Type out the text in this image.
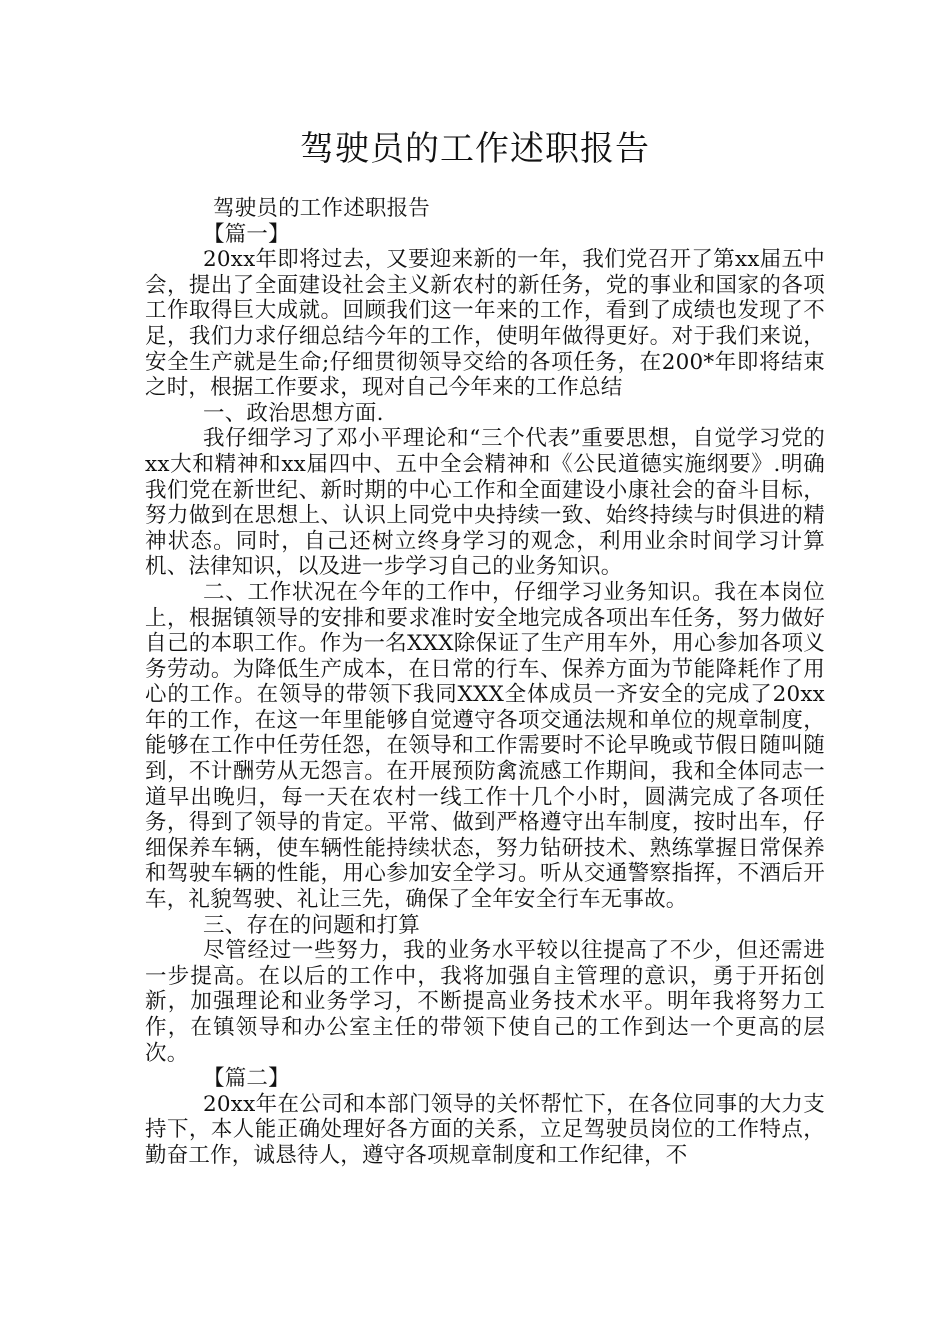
驾驶员的工作述职报告

驾驶员的工作述职报告

【篇一】

20xx年即将过去，又要迎来新的一年，我们党召开了第xx届五中会，提出了全面建设社会主义新农村的新任务，党的事业和国家的各项工作取得巨大成就。回顾我们这一年来的工作，看到了成绩也发现了不足，我们力求仔细总结今年的工作，使明年做得更好。对于我们来说，安全生产就是生命;仔细贯彻领导交给的各项任务，在200*年即将结束之时，根据工作要求，现对自己今年来的工作总结

一、政治思想方面.

我仔细学习了邓小平理论和“三个代表”重要思想，自觉学习党的xx大和精神和xx届四中、五中全会精神和《公民道德实施纲要》.明确我们党在新世纪、新时期的中心工作和全面建设小康社会的奋斗目标，努力做到在思想上、认识上同党中央持续一致、始终持续与时俱进的精神状态。同时，自己还树立终身学习的观念，利用业余时间学习计算机、法律知识，以及进一步学习自己的业务知识。

二、工作状况在今年的工作中，仔细学习业务知识。我在本岗位上，根据镇领导的安排和要求准时安全地完成各项出车任务，努力做好自己的本职工作。作为一名XXX除保证了生产用车外，用心参加各项义务劳动。为降低生产成本，在日常的行车、保养方面为节能降耗作了用心的工作。在领导的带领下我同XXX全体成员一齐安全的完成了20xx年的工作，在这一年里能够自觉遵守各项交通法规和单位的规章制度，能够在工作中任劳任怨，在领导和工作需要时不论早晚或节假日随叫随到，不计酬劳从无怨言。在开展预防禽流感工作期间，我和全体同志一道早出晚归，每一天在农村一线工作十几个小时，圆满完成了各项任务，得到了领导的肯定。平常、做到严格遵守出车制度，按时出车，仔细保养车辆，使车辆性能持续状态，努力钻研技术、熟练掌握日常保养和驾驶车辆的性能，用心参加安全学习。听从交通警察指挥，不酒后开车，礼貌驾驶、礼让三先，确保了全年安全行车无事故。

三、存在的问题和打算

尽管经过一些努力，我的业务水平较以往提高了不少，但还需进一步提高。在以后的工作中，我将加强自主管理的意识，勇于开拓创新，加强理论和业务学习，不断提高业务技术水平。明年我将努力工作，在镇领导和办公室主任的带领下使自己的工作到达一个更高的层次。

【篇二】

20xx年在公司和本部门领导的关怀帮忙下，在各位同事的大力支持下，本人能正确处理好各方面的关系，立足驾驶员岗位的工作特点，勤奋工作，诚恳待人，遵守各项规章制度和工作纪律，不
